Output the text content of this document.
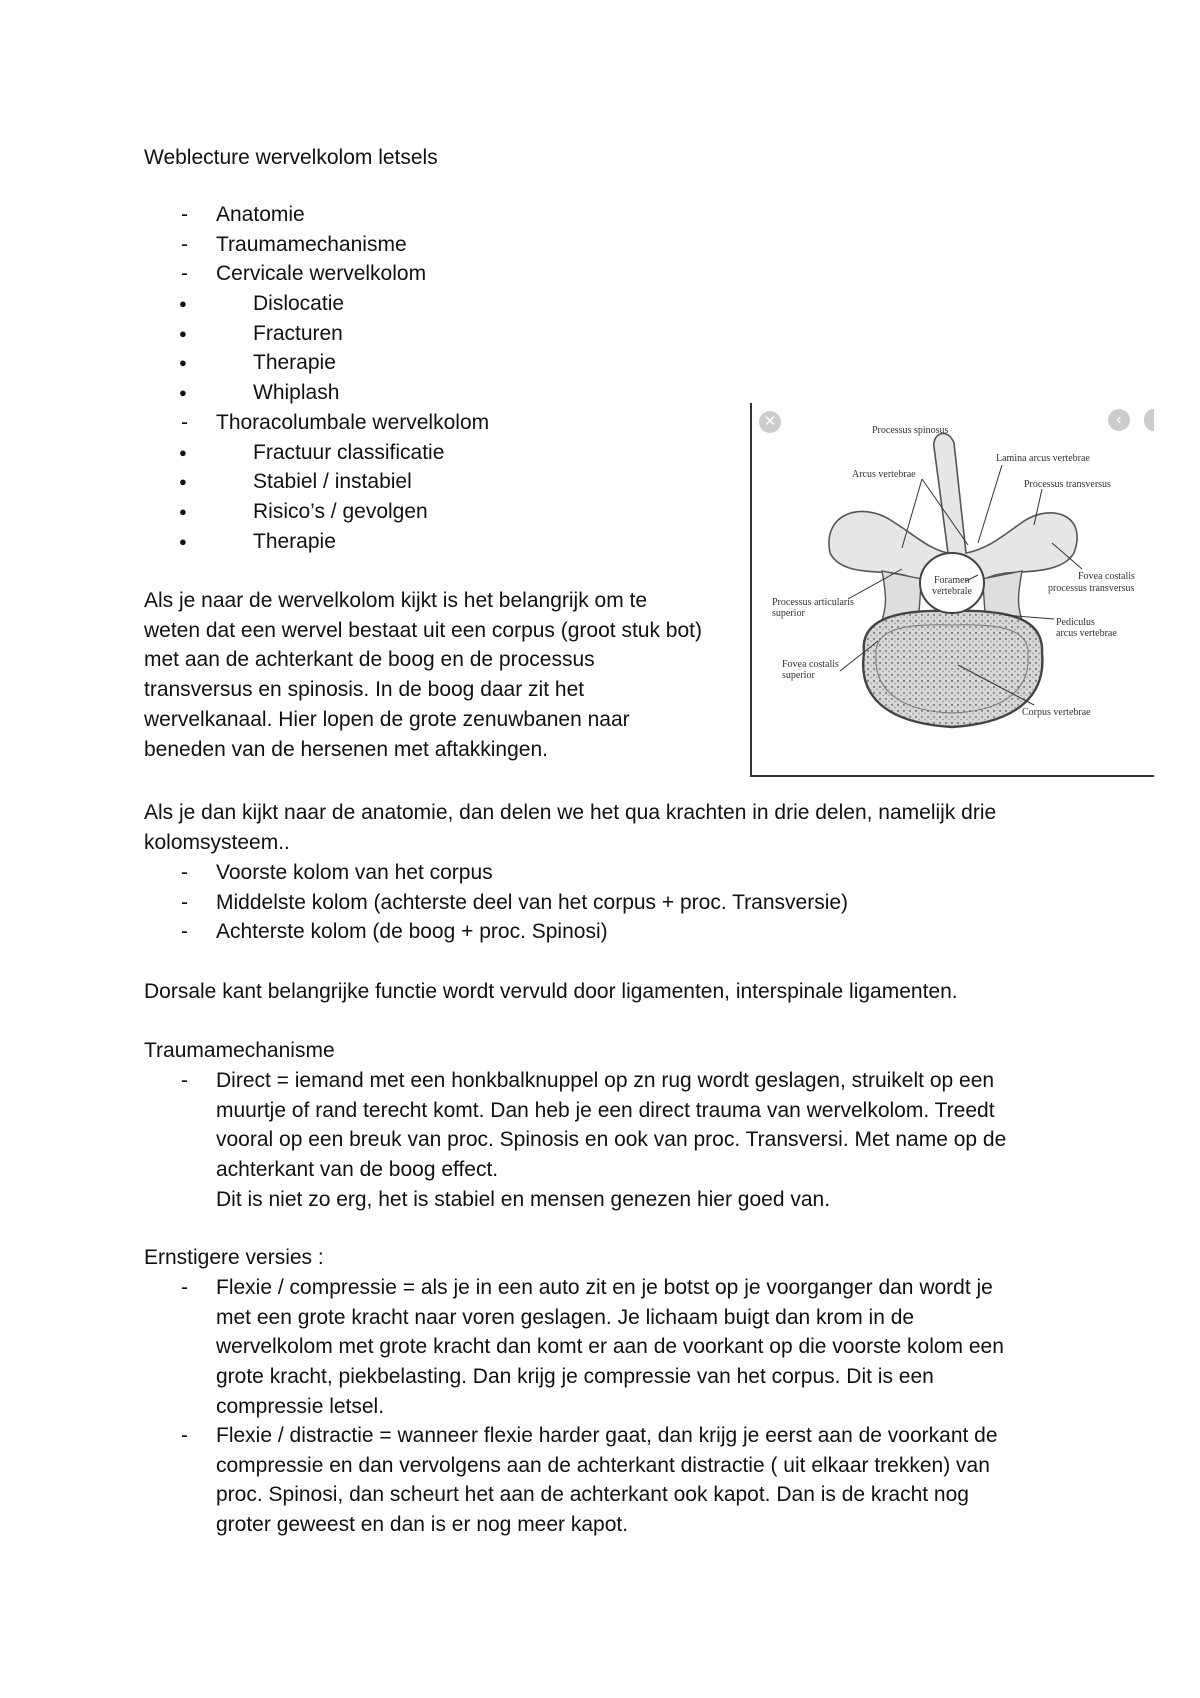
Weblecture wervelkolom letsels
- Anatomie
- Traumamechanisme
- Cervicale wervelkolom
● Dislocatie
● Fracturen
● Therapie
● Whiplash
- Thoracolumbale wervelkolom
● Fractuur classificatie
● Stabiel / instabiel
● Risico’s / gevolgen
● Therapie

Als je naar de wervelkolom kijkt is het belangrijk om te weten dat een wervel bestaat uit een corpus (groot stuk bot) met aan de achterkant de boog en de processus transversus en spinosis. In de boog daar zit het wervelkanaal. Hier lopen de grote zenuwbanen naar beneden van de hersenen met aftakkingen.

✕	‹
Processus spinosus
Lamina arcus vertebrae
Arcus vertebrae
Processus transversus
Fovea costalis
processus transversus
Foramen
vertebrale
Processus articularis
superior
Pediculus
arcus vertebrae
Fovea costalis
superior
Corpus vertebrae

Als je dan kijkt naar de anatomie, dan delen we het qua krachten in drie delen, namelijk drie kolomsysteem..

- Voorste kolom van het corpus
- Middelste kolom (achterste deel van het corpus + proc. Transversie)
- Achterste kolom (de boog + proc. Spinosi)

Dorsale kant belangrijke functie wordt vervuld door ligamenten, interspinale ligamenten.

Traumamechanisme

- Direct = iemand met een honkbalknuppel op zn rug wordt geslagen, struikelt op een
muurtje of rand terecht komt. Dan heb je een direct trauma van wervelkolom. Treedt
vooral op een breuk van proc. Spinosis en ook van proc. Transversi. Met name op de
achterkant van de boog effect.
Dit is niet zo erg, het is stabiel en mensen genezen hier goed van.

Ernstigere versies :

- Flexie / compressie = als je in een auto zit en je botst op je voorganger dan wordt je
met een grote kracht naar voren geslagen. Je lichaam buigt dan krom in de
wervelkolom met grote kracht dan komt er aan de voorkant op die voorste kolom een
grote kracht, piekbelasting. Dan krijg je compressie van het corpus. Dit is een
compressie letsel.
- Flexie / distractie = wanneer flexie harder gaat, dan krijg je eerst aan de voorkant de
compressie en dan vervolgens aan de achterkant distractie ( uit elkaar trekken) van
proc. Spinosi, dan scheurt het aan de achterkant ook kapot. Dan is de kracht nog
groter geweest en dan is er nog meer kapot.
